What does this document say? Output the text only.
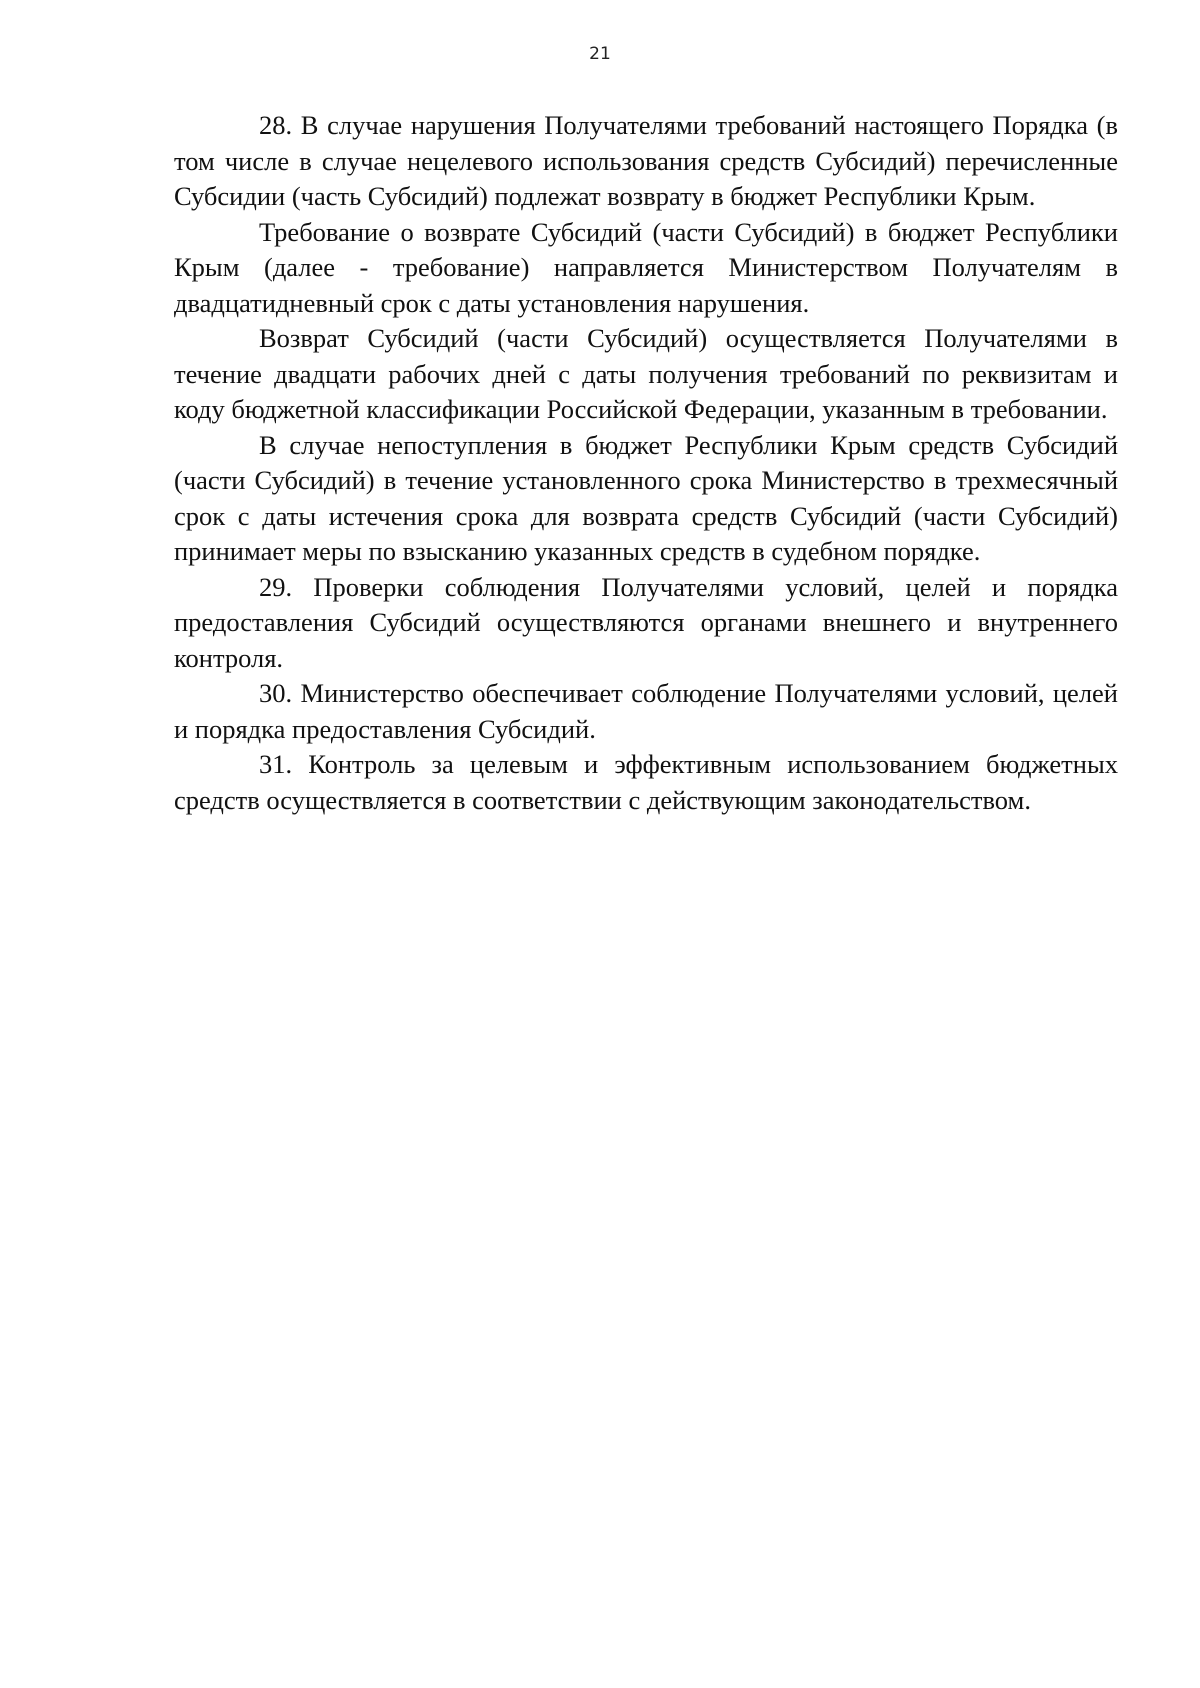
21

28. В случае нарушения Получателями требований настоящего Порядка (в том числе в случае нецелевого использования средств Субсидий) перечисленные Субсидии (часть Субсидий) подлежат возврату в бюджет Республики Крым.

Требование о возврате Субсидий (части Субсидий) в бюджет Республики Крым (далее - требование) направляется Министерством Получателям в двадцатидневный срок с даты установления нарушения.

Возврат Субсидий (части Субсидий) осуществляется Получателями в течение двадцати рабочих дней с даты получения требований по реквизитам и коду бюджетной классификации Российской Федерации, указанным в требовании.

В случае непоступления в бюджет Республики Крым средств Субсидий (части Субсидий) в течение установленного срока Министерство в трехмесячный срок с даты истечения срока для возврата средств Субсидий (части Субсидий) принимает меры по взысканию указанных средств в судебном порядке.

29. Проверки соблюдения Получателями условий, целей и порядка предоставления Субсидий осуществляются органами внешнего и внутреннего контроля.

30. Министерство обеспечивает соблюдение Получателями условий, целей и порядка предоставления Субсидий.

31. Контроль за целевым и эффективным использованием бюджетных средств осуществляется в соответствии с действующим законодательством.
